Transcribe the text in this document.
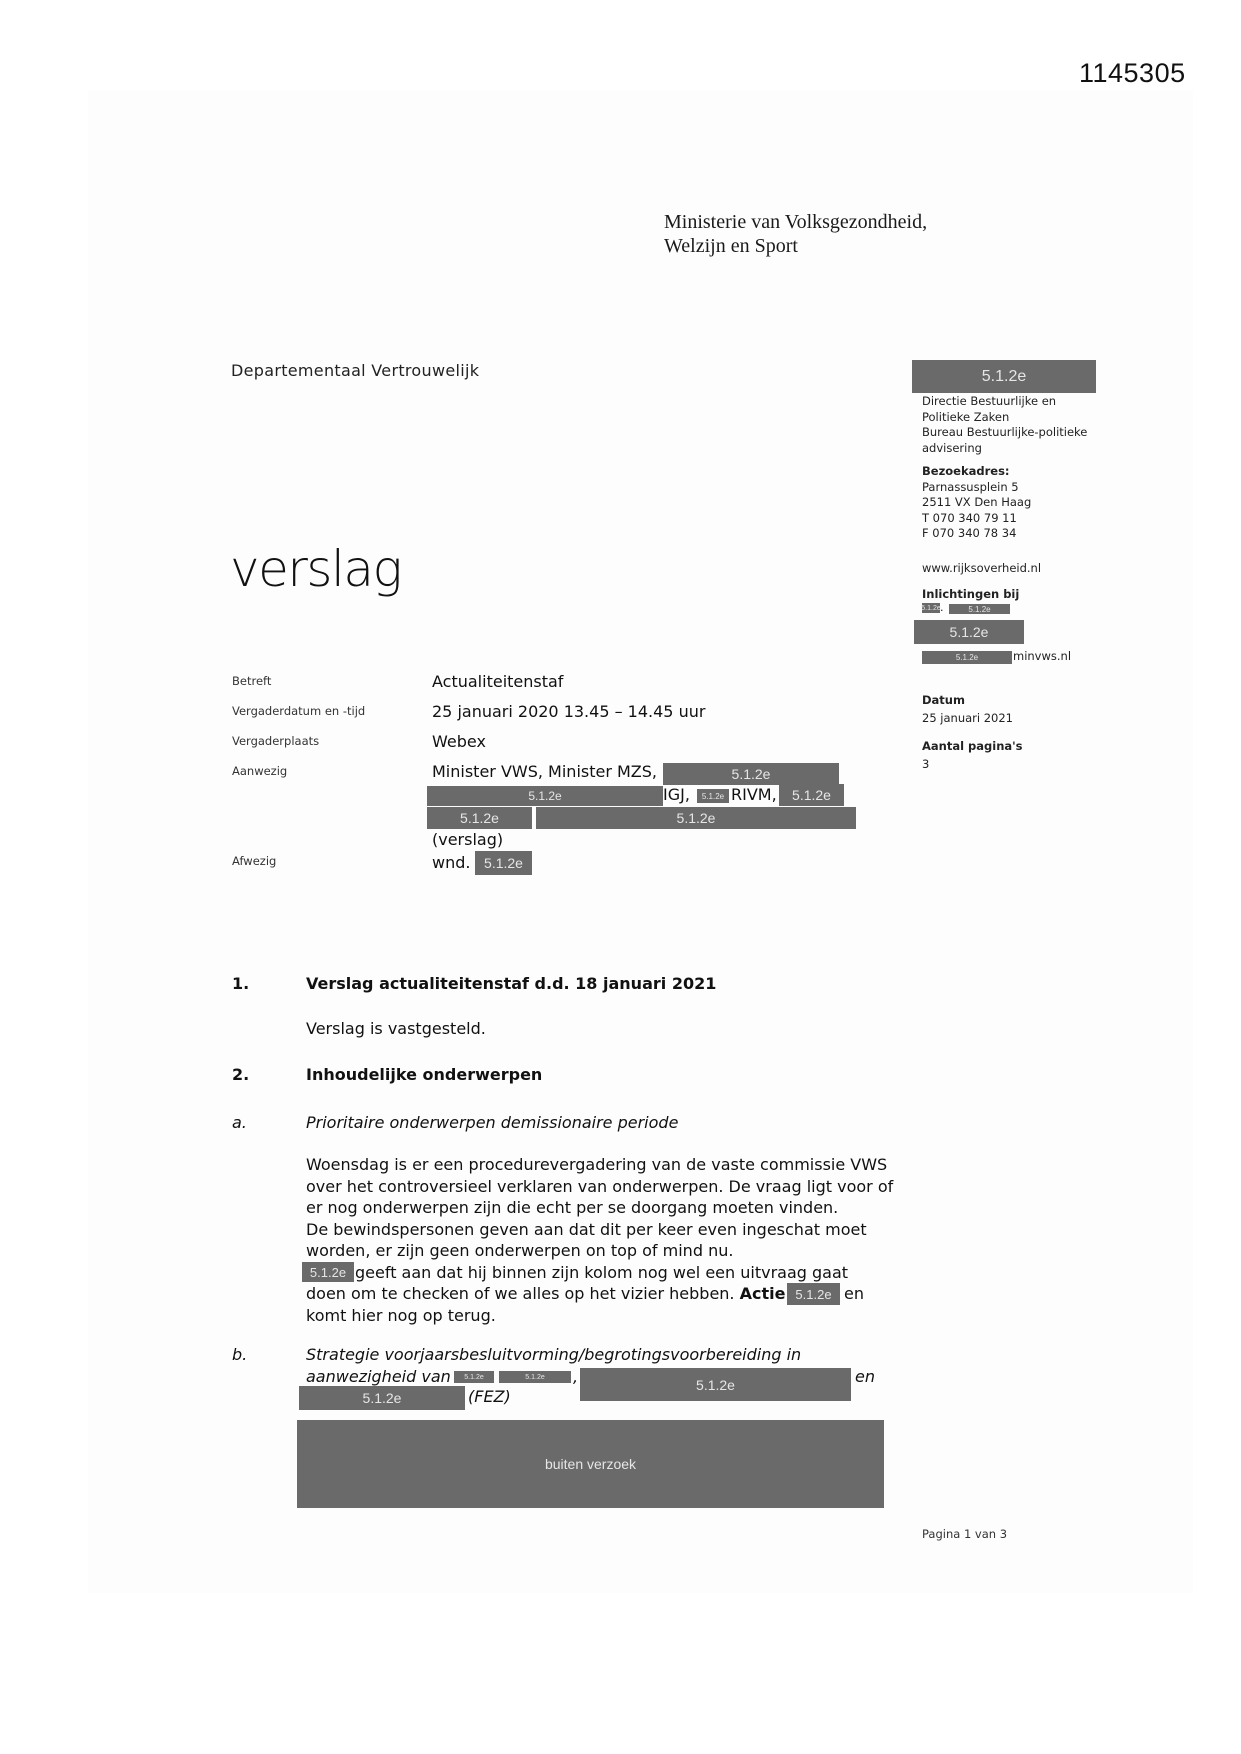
1145305
Ministerie van Volksgezondheid,
Welzijn en Sport
Departementaal Vertrouwelijk
verslag
5.1.2e
Directie Bestuurlijke en
Politieke Zaken
Bureau Bestuurlijke-politieke
advisering
Bezoekadres:
Parnassusplein 5
2511 VX Den Haag
T 070 340 79 11
F 070 340 78 34
www.rijksoverheid.nl
Inlichtingen bij
5.1.2e .	5.1.2e
5.1.2e
5.1.2e	minvws.nl
Datum
25 januari 2021
Aantal pagina's
3
Betreft	Actualiteitenstaf
Vergaderdatum en -tijd	25 januari 2020 13.45 – 14.45 uur
Vergaderplaats	Webex
Aanwezig	Minister VWS, Minister MZS,	5.1.2e
5.1.2e	IGJ,	5.1.2e RIVM,	5.1.2e
5.1.2e	5.1.2e
(verslag)
Afwezig	wnd. 5.1.2e
1.	Verslag actualiteitenstaf d.d. 18 januari 2021
Verslag is vastgesteld.
2.	Inhoudelijke onderwerpen
a.	Prioritaire onderwerpen demissionaire periode
Woensdag is er een procedurevergadering van de vaste commissie VWS
over het controversieel verklaren van onderwerpen. De vraag ligt voor of
er nog onderwerpen zijn die echt per se doorgang moeten vinden.
De bewindspersonen geven aan dat dit per keer even ingeschat moet
worden, er zijn geen onderwerpen on top of mind nu.
5.1.2e geeft aan dat hij binnen zijn kolom nog wel een uitvraag gaat
doen om te checken of we alles op het vizier hebben. Actie 5.1.2e en
komt hier nog op terug.
b.	Strategie voorjaarsbesluitvorming/begrotingsvoorbereiding in
aanwezigheid van	5.1.2e	5.1.2e	,	5.1.2e	en
5.1.2e	(FEZ)
buiten verzoek
Pagina 1 van 3
